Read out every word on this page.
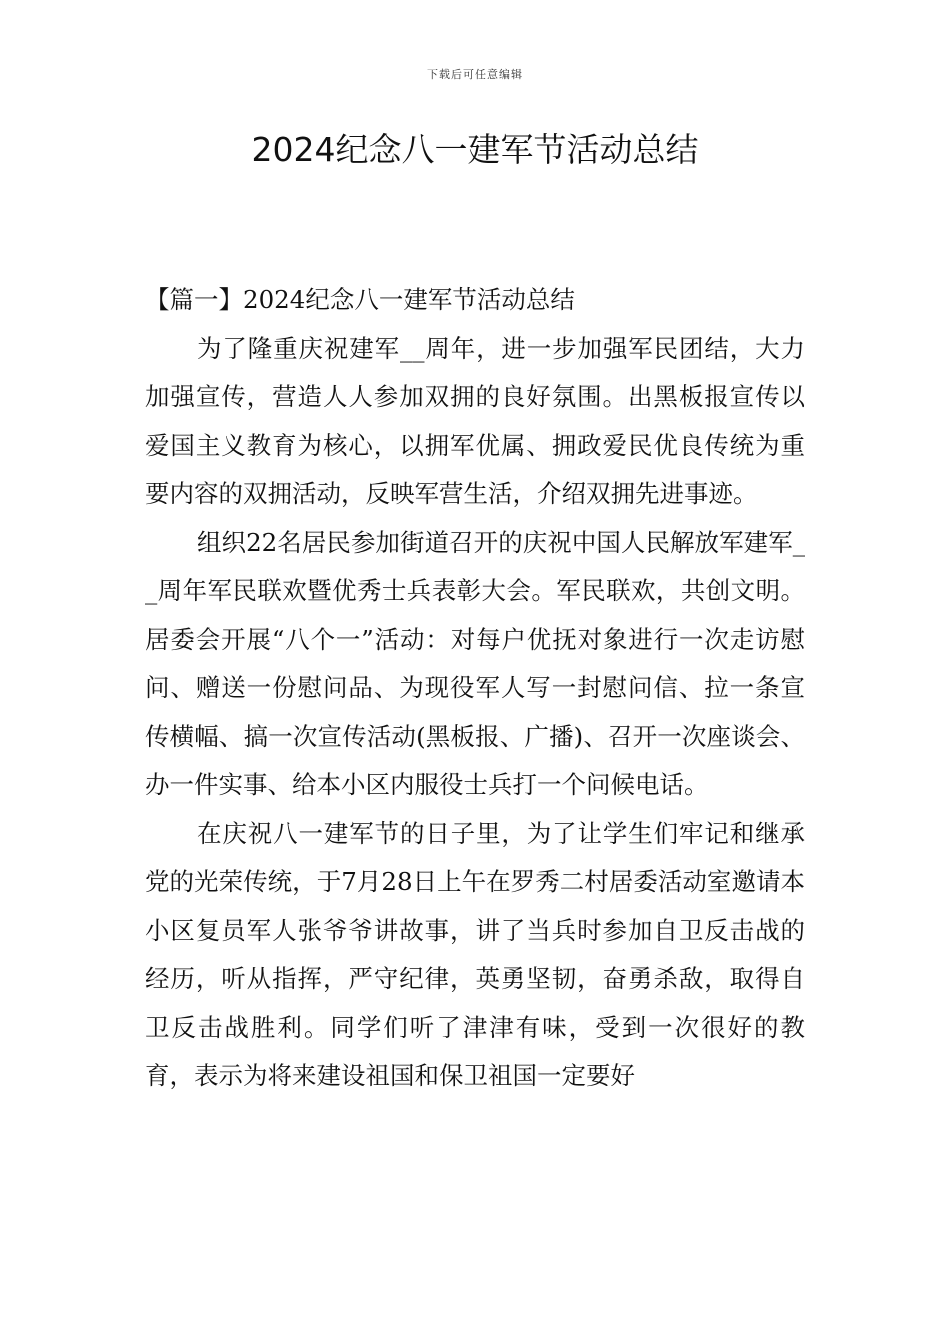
下载后可任意编辑
2024纪念八一建军节活动总结

【篇一】2024纪念八一建军节活动总结

为了隆重庆祝建军__周年，进一步加强军民团结，大力加强宣传，营造人人参加双拥的良好氛围。出黑板报宣传以爱国主义教育为核心，以拥军优属、拥政爱民优良传统为重要内容的双拥活动，反映军营生活，介绍双拥先进事迹。

组织22名居民参加街道召开的庆祝中国人民解放军建军__周年军民联欢暨优秀士兵表彰大会。军民联欢，共创文明。居委会开展“八个一”活动：对每户优抚对象进行一次走访慰问、赠送一份慰问品、为现役军人写一封慰问信、拉一条宣传横幅、搞一次宣传活动(黑板报、广播)、召开一次座谈会、办一件实事、给本小区内服役士兵打一个问候电话。

在庆祝八一建军节的日子里，为了让学生们牢记和继承党的光荣传统，于7月28日上午在罗秀二村居委活动室邀请本小区复员军人张爷爷讲故事，讲了当兵时参加自卫反击战的经历，听从指挥，严守纪律，英勇坚韧，奋勇杀敌，取得自卫反击战胜利。同学们听了津津有味，受到一次很好的教育，表示为将来建设祖国和保卫祖国一定要好
